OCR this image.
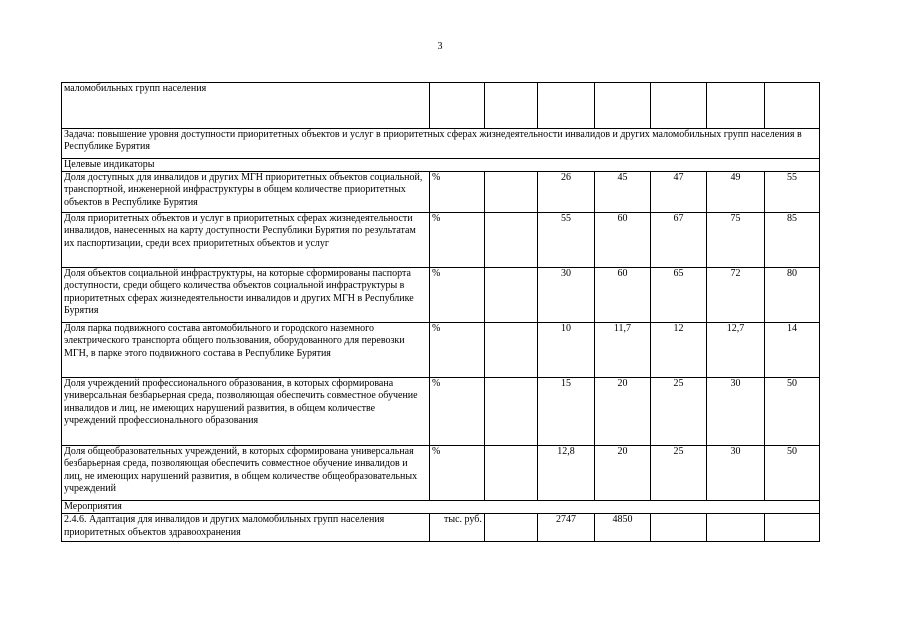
3
маломобильных групп населения							
Задача: повышение уровня доступности приоритетных объектов и услуг в приоритетных сферах жизнедеятельности инвалидов и других маломобильных групп населения в Республике Бурятия							
Целевые индикаторы							
Доля доступных для инвалидов и других МГН приоритетных объектов социальной, транспортной, инженерной инфраструктуры в общем количестве приоритетных объектов в Республике Бурятия	%		26	45	47	49	55
Доля приоритетных объектов и услуг в приоритетных сферах жизнедеятельности инвалидов, нанесенных на карту доступности Республики Бурятия по результатам их паспортизации, среди всех приоритетных объектов и услуг	%		55	60	67	75	85
Доля объектов социальной инфраструктуры, на которые сформированы паспорта доступности, среди общего количества объектов социальной инфраструктуры в приоритетных сферах жизнедеятельности инвалидов и других МГН в Республике Бурятия	%		30	60	65	72	80
Доля парка подвижного состава автомобильного и городского наземного электрического транспорта общего пользования, оборудованного для перевозки МГН, в парке этого подвижного состава в Республике Бурятия	%		10	11,7	12	12,7	14
Доля учреждений профессионального образования, в которых сформирована универсальная безбарьерная среда, позволяющая обеспечить совместное обучение инвалидов и лиц, не имеющих нарушений развития, в общем количестве учреждений профессионального образования	%		15	20	25	30	50
Доля общеобразовательных учреждений, в которых сформирована универсальная безбарьерная среда, позволяющая обеспечить совместное обучение инвалидов и лиц, не имеющих нарушений развития, в общем количестве общеобразовательных учреждений	%		12,8	20	25	30	50
Мероприятия							
2.4.6. Адаптация для инвалидов и других маломобильных групп населения приоритетных объектов здравоохранения	тыс. руб.		2747	4850			
